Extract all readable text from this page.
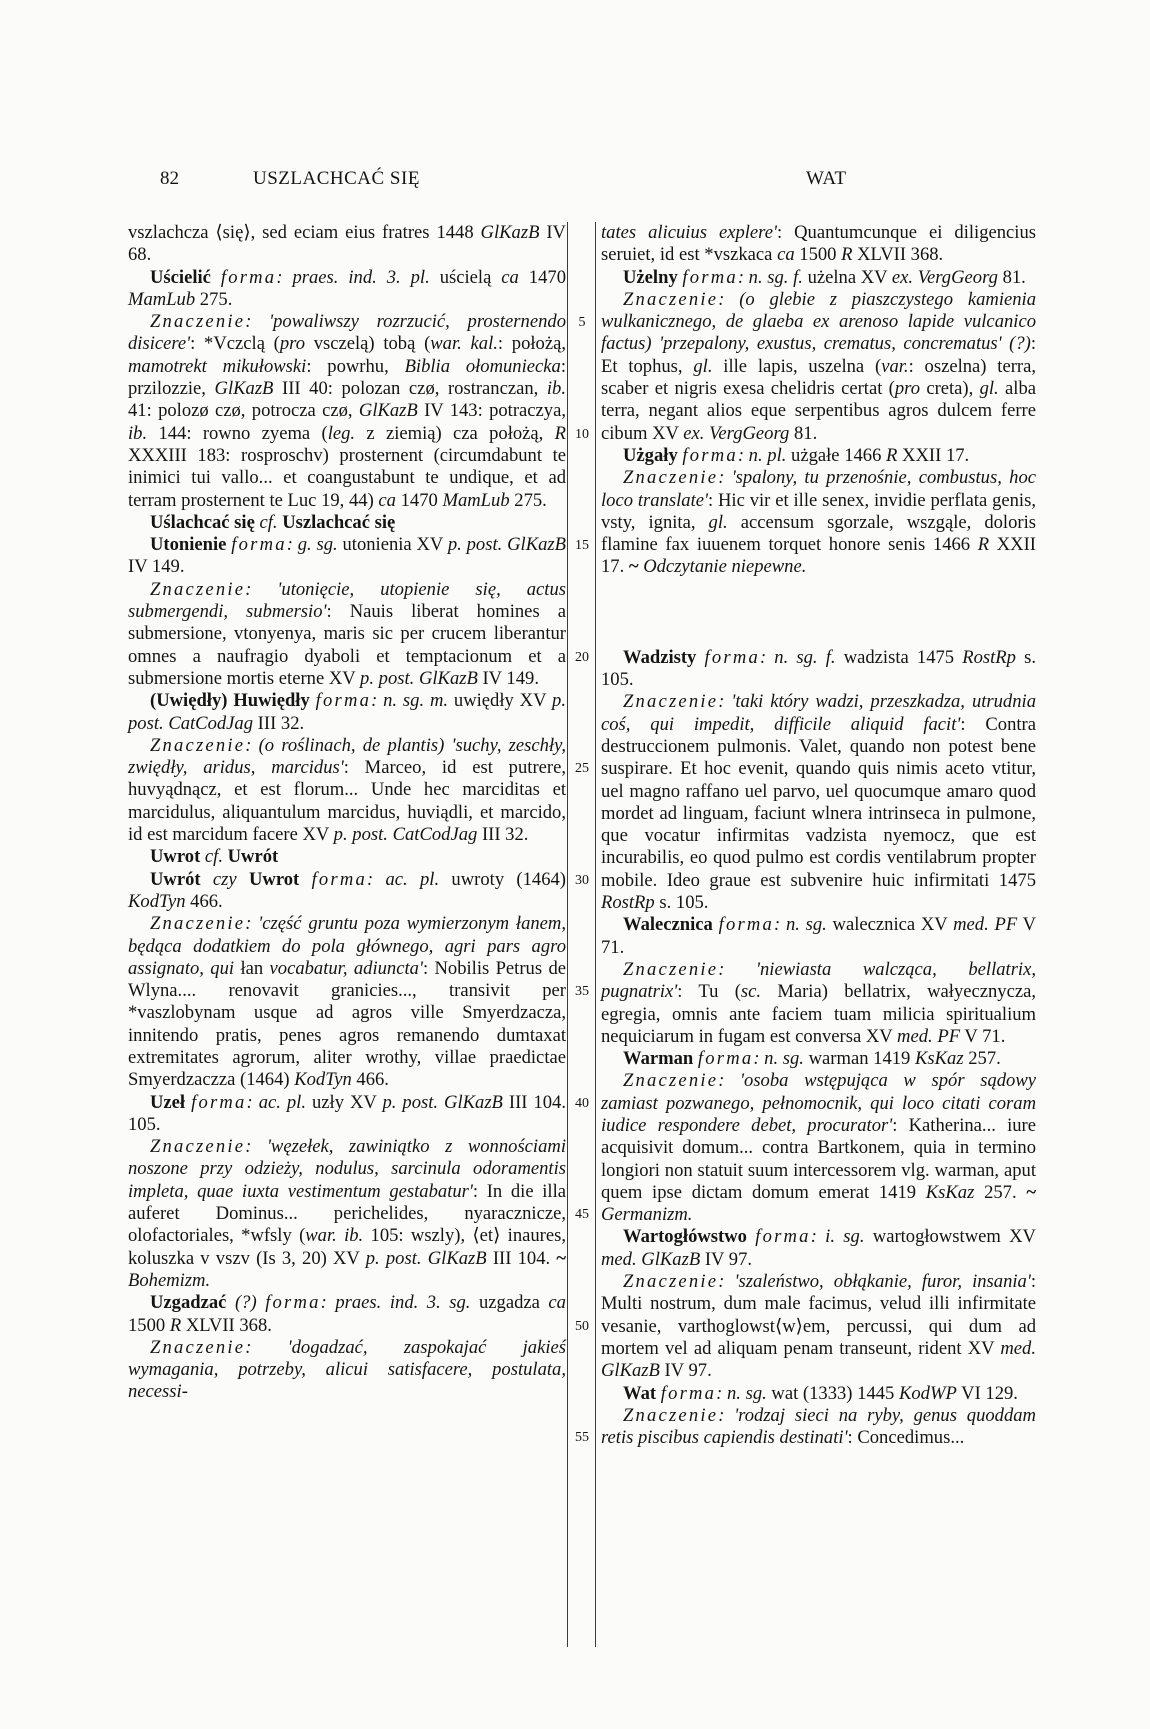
82	USZLACHCAĆ SIĘ	WAT
5
10
15
20
25
30
35
40
45
50
55

vszlachcza ⟨się⟩, sed eciam eius fratres 1448 GlKazB IV 68.

Uścielić forma: praes. ind. 3. pl. uścielą ca 1470 MamLub 275.

Znaczenie: 'powaliwszy rozrzucić, prosternendo disicere': *Vczclą (pro vsczelą) tobą (war. kal.: położą, mamotrekt mikułowski: powrhu, Biblia ołomuniecka: przilozzie, GlKazB III 40: polozan czø, rostranczan, ib. 41: polozø czø, potrocza czø, GlKazB IV 143: potraczya, ib. 144: rowno zyema (leg. z ziemią) cza położą, R XXXIII 183: rosproschv) prosternent (circumdabunt te inimici tui vallo... et coangustabunt te undique, et ad terram prosternent te Luc 19, 44) ca 1470 MamLub 275.

Uślachcać się cf. Uszlachcać się

Utonienie forma: g. sg. utonienia XV p. post. GlKazB IV 149.

Znaczenie: 'utonięcie, utopienie się, actus submergendi, submersio': Nauis liberat homines a submersione, vtonyenya, maris sic per crucem liberantur omnes a naufragio dyaboli et temptacionum et a submersione mortis eterne XV p. post. GlKazB IV 149.

(Uwiędły) Huwiędły forma: n. sg. m. uwiędły XV p. post. CatCodJag III 32.

Znaczenie: (o roślinach, de plantis) 'suchy, zeschły, zwiędły, aridus, marcidus': Marceo, id est putrere, huvyądnącz, et est florum... Unde hec marciditas et marcidulus, aliquantulum marcidus, huviądli, et marcido, id est marcidum facere XV p. post. CatCodJag III 32.

Uwrot cf. Uwrót

Uwrót czy Uwrot forma: ac. pl. uwroty (1464) KodTyn 466.

Znaczenie: 'część gruntu poza wymierzonym łanem, będąca dodatkiem do pola głównego, agri pars agro assignato, qui łan vocabatur, adiuncta': Nobilis Petrus de Wlyna.... renovavit granicies..., transivit per *vaszlobynam usque ad agros ville Smyerdzacza, innitendo pratis, penes agros remanendo dumtaxat extremitates agrorum, aliter wrothy, villae praedictae Smyerdzaczza (1464) KodTyn 466.

Uzeł forma: ac. pl. uzły XV p. post. GlKazB III 104. 105.

Znaczenie: 'węzełek, zawiniątko z wonnościami noszone przy odzieży, nodulus, sarcinula odoramentis impleta, quae iuxta vestimentum gestabatur': In die illa auferet Dominus... perichelides, nyaracznicze, olofactoriales, *wfsly (war. ib. 105: wszly), ⟨et⟩ inaures, koluszka v vszv (Is 3, 20) XV p. post. GlKazB III 104. ~ Bohemizm.

Uzgadzać (?) forma: praes. ind. 3. sg. uzgadza ca 1500 R XLVII 368.

Znaczenie: 'dogadzać, zaspokajać jakieś wymagania, potrzeby, alicui satisfacere, postulata, necessi-

tates alicuius explere': Quantumcunque ei diligencius seruiet, id est *vszkaca ca 1500 R XLVII 368.

Użelny forma: n. sg. f. użelna XV ex. VergGeorg 81.

Znaczenie: (o glebie z piaszczystego kamienia wulkanicznego, de glaeba ex arenoso lapide vulcanico factus) 'przepalony, exustus, crematus, concrematus' (?): Et tophus, gl. ille lapis, uszelna (var.: oszelna) terra, scaber et nigris exesa chelidris certat (pro creta), gl. alba terra, negant alios eque serpentibus agros dulcem ferre cibum XV ex. VergGeorg 81.

Użgały forma: n. pl. użgałe 1466 R XXII 17.

Znaczenie: 'spalony, tu przenośnie, combustus, hoc loco translate': Hic vir et ille senex, invidie perflata genis, vsty, ignita, gl. accensum sgorzale, wszgąle, doloris flamine fax iuuenem torquet honore senis 1466 R XXII 17. ~ Odczytanie niepewne.

Wadzisty forma: n. sg. f. wadzista 1475 RostRp s. 105.

Znaczenie: 'taki który wadzi, przeszkadza, utrudnia coś, qui impedit, difficile aliquid facit': Contra destruccionem pulmonis. Valet, quando non potest bene suspirare. Et hoc evenit, quando quis nimis aceto vtitur, uel magno raffano uel parvo, uel quocumque amaro quod mordet ad linguam, faciunt wlnera intrinseca in pulmone, que vocatur infirmitas vadzista nyemocz, que est incurabilis, eo quod pulmo est cordis ventilabrum propter mobile. Ideo graue est subvenire huic infirmitati 1475 RostRp s. 105.

Walecznica forma: n. sg. walecznica XV med. PF V 71.

Znaczenie: 'niewiasta walcząca, bellatrix, pugnatrix': Tu (sc. Maria) bellatrix, wałyecznycza, egregia, omnis ante faciem tuam milicia spiritualium nequiciarum in fugam est conversa XV med. PF V 71.

Warman forma: n. sg. warman 1419 KsKaz 257.

Znaczenie: 'osoba wstępująca w spór sądowy zamiast pozwanego, pełnomocnik, qui loco citati coram iudice respondere debet, procurator': Katherina... iure acquisivit domum... contra Bartkonem, quia in termino longiori non statuit suum intercessorem vlg. warman, aput quem ipse dictam domum emerat 1419 KsKaz 257. ~ Germanizm.

Wartogłówstwo forma: i. sg. wartogłowstwem XV med. GlKazB IV 97.

Znaczenie: 'szaleństwo, obłąkanie, furor, insania': Multi nostrum, dum male facimus, velud illi infirmitate vesanie, varthoglowst⟨w⟩em, percussi, qui dum ad mortem vel ad aliquam penam transeunt, rident XV med. GlKazB IV 97.

Wat forma: n. sg. wat (1333) 1445 KodWP VI 129.

Znaczenie: 'rodzaj sieci na ryby, genus quoddam retis piscibus capiendis destinati': Concedimus...
